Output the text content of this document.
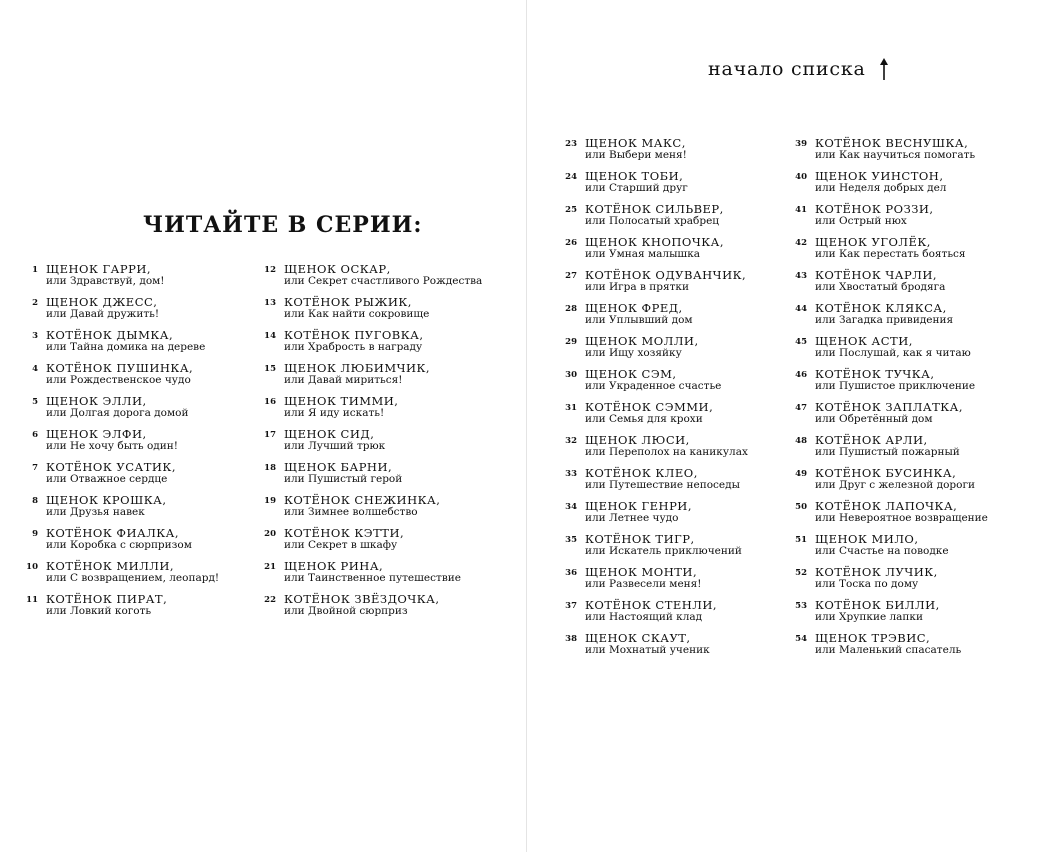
ЧИТАЙТЕ В СЕРИИ:
1 ЩЕНОК ГАРРИ,
или Здравствуй, дом!
2 ЩЕНОК ДЖЕСС,
или Давай дружить!
3 КОТЁНОК ДЫМКА,
или Тайна домика на дереве
4 КОТЁНОК ПУШИНКА,
или Рождественское чудо
5 ЩЕНОК ЭЛЛИ,
или Долгая дорога домой
6 ЩЕНОК ЭЛФИ,
или Не хочу быть один!
7 КОТЁНОК УСАТИК,
или Отважное сердце
8 ЩЕНОК КРОШКА,
или Друзья навек
9 КОТЁНОК ФИАЛКА,
или Коробка с сюрпризом
10 КОТЁНОК МИЛЛИ,
или С возвращением, леопард!
11 КОТЁНОК ПИРАТ,
или Ловкий коготь
12 ЩЕНОК ОСКАР,
или Секрет счастливого Рождества
13 КОТЁНОК РЫЖИК,
или Как найти сокровище
14 КОТЁНОК ПУГОВКА,
или Храбрость в награду
15 ЩЕНОК ЛЮБИМЧИК,
или Давай мириться!
16 ЩЕНОК ТИММИ,
или Я иду искать!
17 ЩЕНОК СИД,
или Лучший трюк
18 ЩЕНОК БАРНИ,
или Пушистый герой
19 КОТЁНОК СНЕЖИНКА,
или Зимнее волшебство
20 КОТЁНОК КЭТТИ,
или Секрет в шкафу
21 ЩЕНОК РИНА,
или Таинственное путешествие
22 КОТЁНОК ЗВЁЗДОЧКА,
или Двойной сюрприз
начало списка
23 ЩЕНОК МАКС,
или Выбери меня!
24 ЩЕНОК ТОБИ,
или Старший друг
25 КОТЁНОК СИЛЬВЕР,
или Полосатый храбрец
26 ЩЕНОК КНОПОЧКА,
или Умная малышка
27 КОТЁНОК ОДУВАНЧИК,
или Игра в прятки
28 ЩЕНОК ФРЕД,
или Уплывший дом
29 ЩЕНОК МОЛЛИ,
или Ищу хозяйку
30 ЩЕНОК СЭМ,
или Украденное счастье
31 КОТЁНОК СЭММИ,
или Семья для крохи
32 ЩЕНОК ЛЮСИ,
или Переполох на каникулах
33 КОТЁНОК КЛЕО,
или Путешествие непоседы
34 ЩЕНОК ГЕНРИ,
или Летнее чудо
35 КОТЁНОК ТИГР,
или Искатель приключений
36 ЩЕНОК МОНТИ,
или Развесели меня!
37 КОТЁНОК СТЕНЛИ,
или Настоящий клад
38 ЩЕНОК СКАУТ,
или Мохнатый ученик
39 КОТЁНОК ВЕСНУШКА,
или Как научиться помогать
40 ЩЕНОК УИНСТОН,
или Неделя добрых дел
41 КОТЁНОК РОЗЗИ,
или Острый нюх
42 ЩЕНОК УГОЛЁК,
или Как перестать бояться
43 КОТЁНОК ЧАРЛИ,
или Хвостатый бродяга
44 КОТЁНОК КЛЯКСА,
или Загадка привидения
45 ЩЕНОК АСТИ,
или Послушай, как я читаю
46 КОТЁНОК ТУЧКА,
или Пушистое приключение
47 КОТЁНОК ЗАПЛАТКА,
или Обретённый дом
48 КОТЁНОК АРЛИ,
или Пушистый пожарный
49 КОТЁНОК БУСИНКА,
или Друг с железной дороги
50 КОТЁНОК ЛАПОЧКА,
или Невероятное возвращение
51 ЩЕНОК МИЛО,
или Счастье на поводке
52 КОТЁНОК ЛУЧИК,
или Тоска по дому
53 КОТЁНОК БИЛЛИ,
или Хрупкие лапки
54 ЩЕНОК ТРЭВИС,
или Маленький спасатель
